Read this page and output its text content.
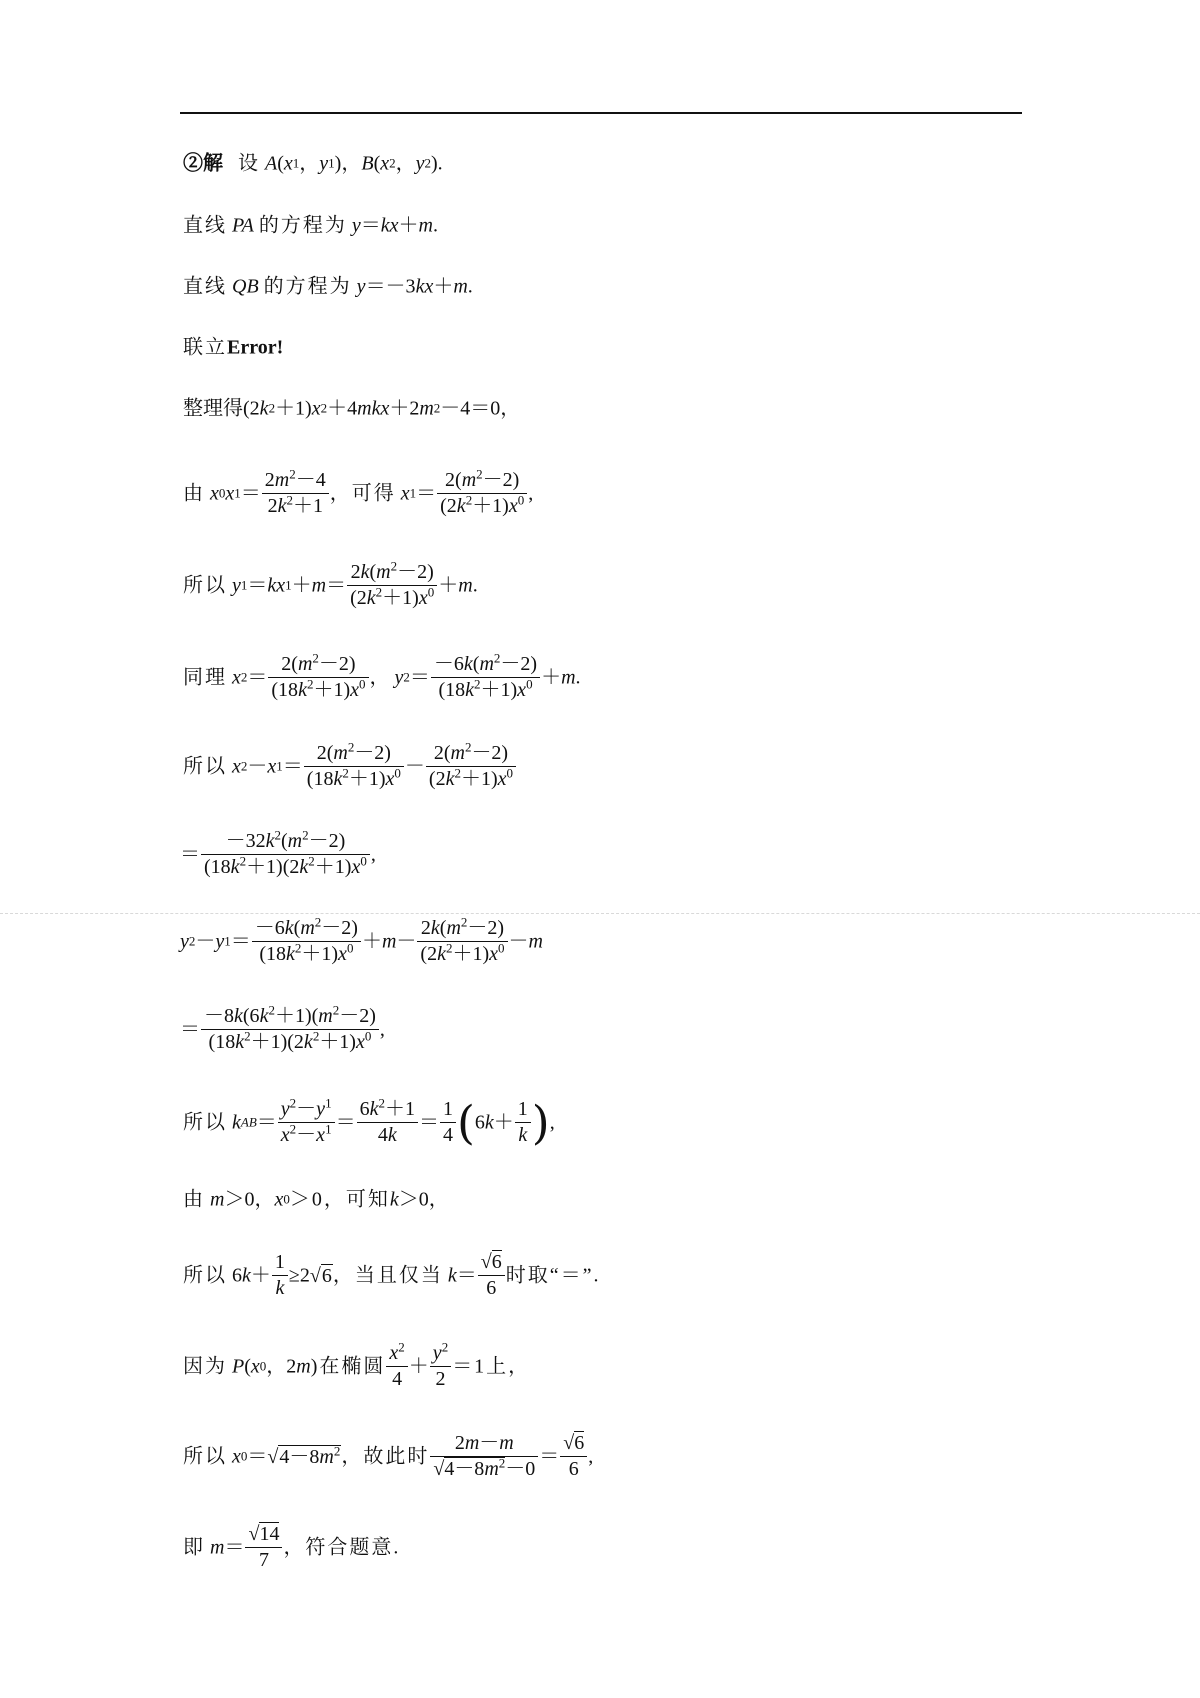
②解 设 A(x1，y1)，B(x2，y2).
直线 PA 的方程为 y＝kx＋m.
直线 QB 的方程为 y＝－3kx＋m.
联立Error!
整理得(2k2＋1)x2＋4mkx＋2m2－4＝0，
由 $x0x1= \frac{2m^2-4}{2k^2+1}$ ，可得 $x1= \frac{2(m^2-2)}{(2k^2+1)x^0}$ ,
所以 $y1=kx1+m= \frac{2k(m^2-2)}{(2k^2+1)x^0} +m$.
同理 $x2= \frac{2(m^2-2)}{(18k^2+1)x^0}$ ， $y2= \frac{-6k(m^2-2)}{(18k^2+1)x^0} +m$.
所以 $x2-x1= \frac{2(m^2-2)}{(18k^2+1)x^0} - \frac{2(m^2-2)}{(2k^2+1)x^0}$
＝ $\frac{-32k^2(m^2-2)}{(18k^2+1)(2k^2+1)x^0}$ ,
$y2-y1= \frac{-6k(m^2-2)}{(18k^2+1)x^0} +m- \frac{2k(m^2-2)}{(2k^2+1)x^0} -m$
＝ $\frac{-8k(6k^2+1)(m^2-2)}{(18k^2+1)(2k^2+1)x^0}$ ,
所以 $kAB= \frac{y^2-y^1}{x^2-x^1} = \frac{6k^2+1}{4k} = \frac{1}{4} (6k+ \frac{1}{k}$ ),
由 m＞0，x0＞0，可知k＞0，
所以 $6k+ \frac{1}{k} \ge 2√6$，当且仅当 $k= \frac{√6}{6}$ 时取“＝”.
因为 P(x0，2m)在椭圆 $\frac{x^2}{4} + \frac{y^2}{2} =1$上，
所以 $x0=√4-8m^2$，故此时 $\frac{2m-m}{√4-8m^2-0} = \frac{√6}{6}$ ,
即 $m= \frac{√14}{7}$ ，符合题意.
